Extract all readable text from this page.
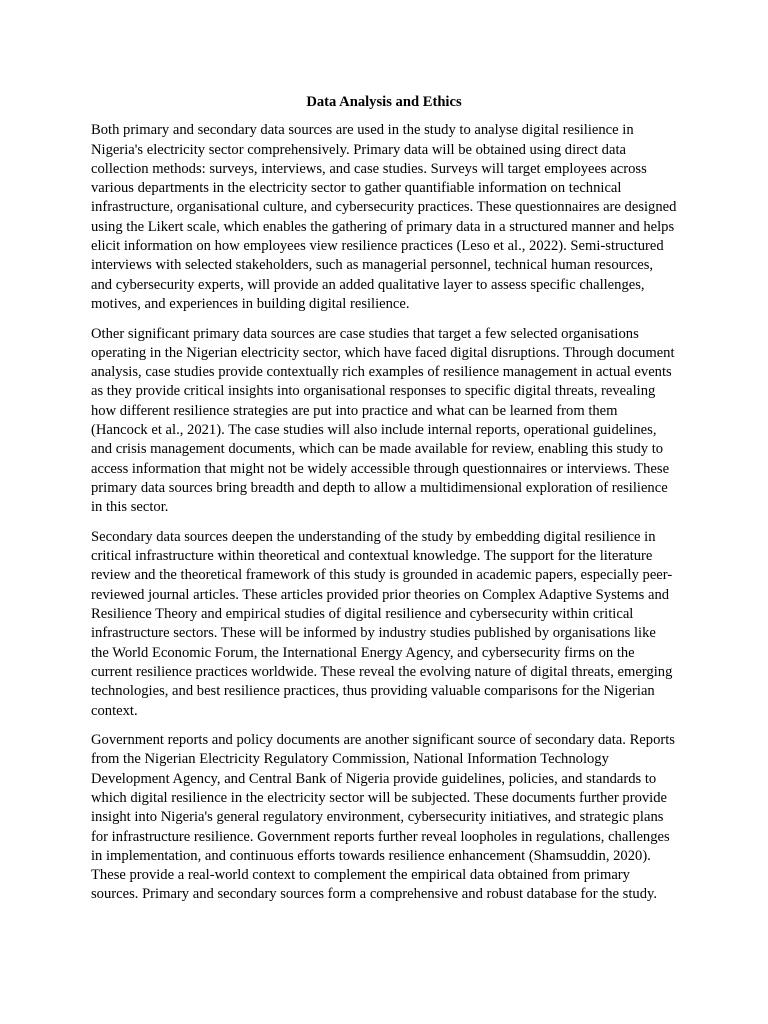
Data Analysis and Ethics

Both primary and secondary data sources are used in the study to analyse digital resilience in Nigeria's electricity sector comprehensively. Primary data will be obtained using direct data collection methods: surveys, interviews, and case studies. Surveys will target employees across various departments in the electricity sector to gather quantifiable information on technical infrastructure, organisational culture, and cybersecurity practices. These questionnaires are designed using the Likert scale, which enables the gathering of primary data in a structured manner and helps elicit information on how employees view resilience practices (Leso et al., 2022). Semi-structured interviews with selected stakeholders, such as managerial personnel, technical human resources, and cybersecurity experts, will provide an added qualitative layer to assess specific challenges, motives, and experiences in building digital resilience.

Other significant primary data sources are case studies that target a few selected organisations operating in the Nigerian electricity sector, which have faced digital disruptions. Through document analysis, case studies provide contextually rich examples of resilience management in actual events as they provide critical insights into organisational responses to specific digital threats, revealing how different resilience strategies are put into practice and what can be learned from them (Hancock et al., 2021). The case studies will also include internal reports, operational guidelines, and crisis management documents, which can be made available for review, enabling this study to access information that might not be widely accessible through questionnaires or interviews. These primary data sources bring breadth and depth to allow a multidimensional exploration of resilience in this sector.

Secondary data sources deepen the understanding of the study by embedding digital resilience in critical infrastructure within theoretical and contextual knowledge. The support for the literature review and the theoretical framework of this study is grounded in academic papers, especially peer-reviewed journal articles. These articles provided prior theories on Complex Adaptive Systems and Resilience Theory and empirical studies of digital resilience and cybersecurity within critical infrastructure sectors. These will be informed by industry studies published by organisations like the World Economic Forum, the International Energy Agency, and cybersecurity firms on the current resilience practices worldwide. These reveal the evolving nature of digital threats, emerging technologies, and best resilience practices, thus providing valuable comparisons for the Nigerian context.

Government reports and policy documents are another significant source of secondary data. Reports from the Nigerian Electricity Regulatory Commission, National Information Technology Development Agency, and Central Bank of Nigeria provide guidelines, policies, and standards to which digital resilience in the electricity sector will be subjected. These documents further provide insight into Nigeria's general regulatory environment, cybersecurity initiatives, and strategic plans for infrastructure resilience. Government reports further reveal loopholes in regulations, challenges in implementation, and continuous efforts towards resilience enhancement (Shamsuddin, 2020). These provide a real-world context to complement the empirical data obtained from primary sources. Primary and secondary sources form a comprehensive and robust database for the study.
